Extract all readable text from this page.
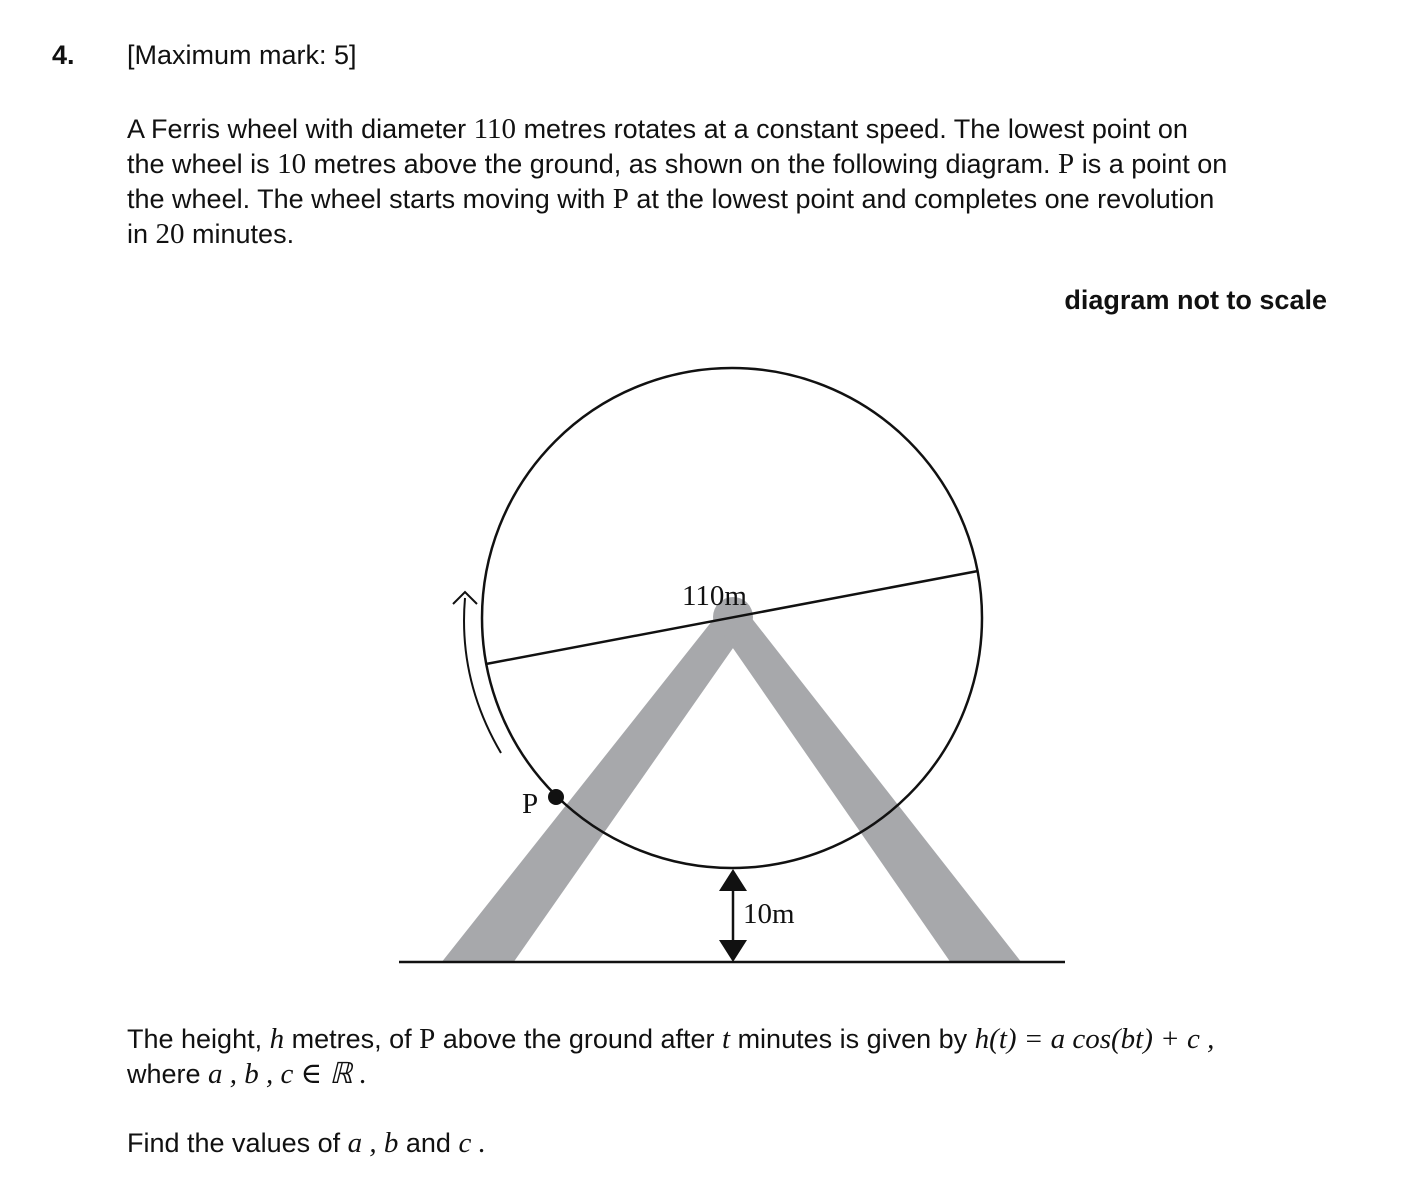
4. [Maximum mark: 5]

A Ferris wheel with diameter 110 metres rotates at a constant speed. The lowest point on

the wheel is 10 metres above the ground, as shown on the following diagram. P is a point on

the wheel. The wheel starts moving with P at the lowest point and completes one revolution

in 20 minutes.

diagram not to scale
110m
P
10m
The height, h metres, of P above the ground after t minutes is given by h(t) = a cos(bt) + c ,
where a , b , c ∈ ℝ .
Find the values of a , b and c .
